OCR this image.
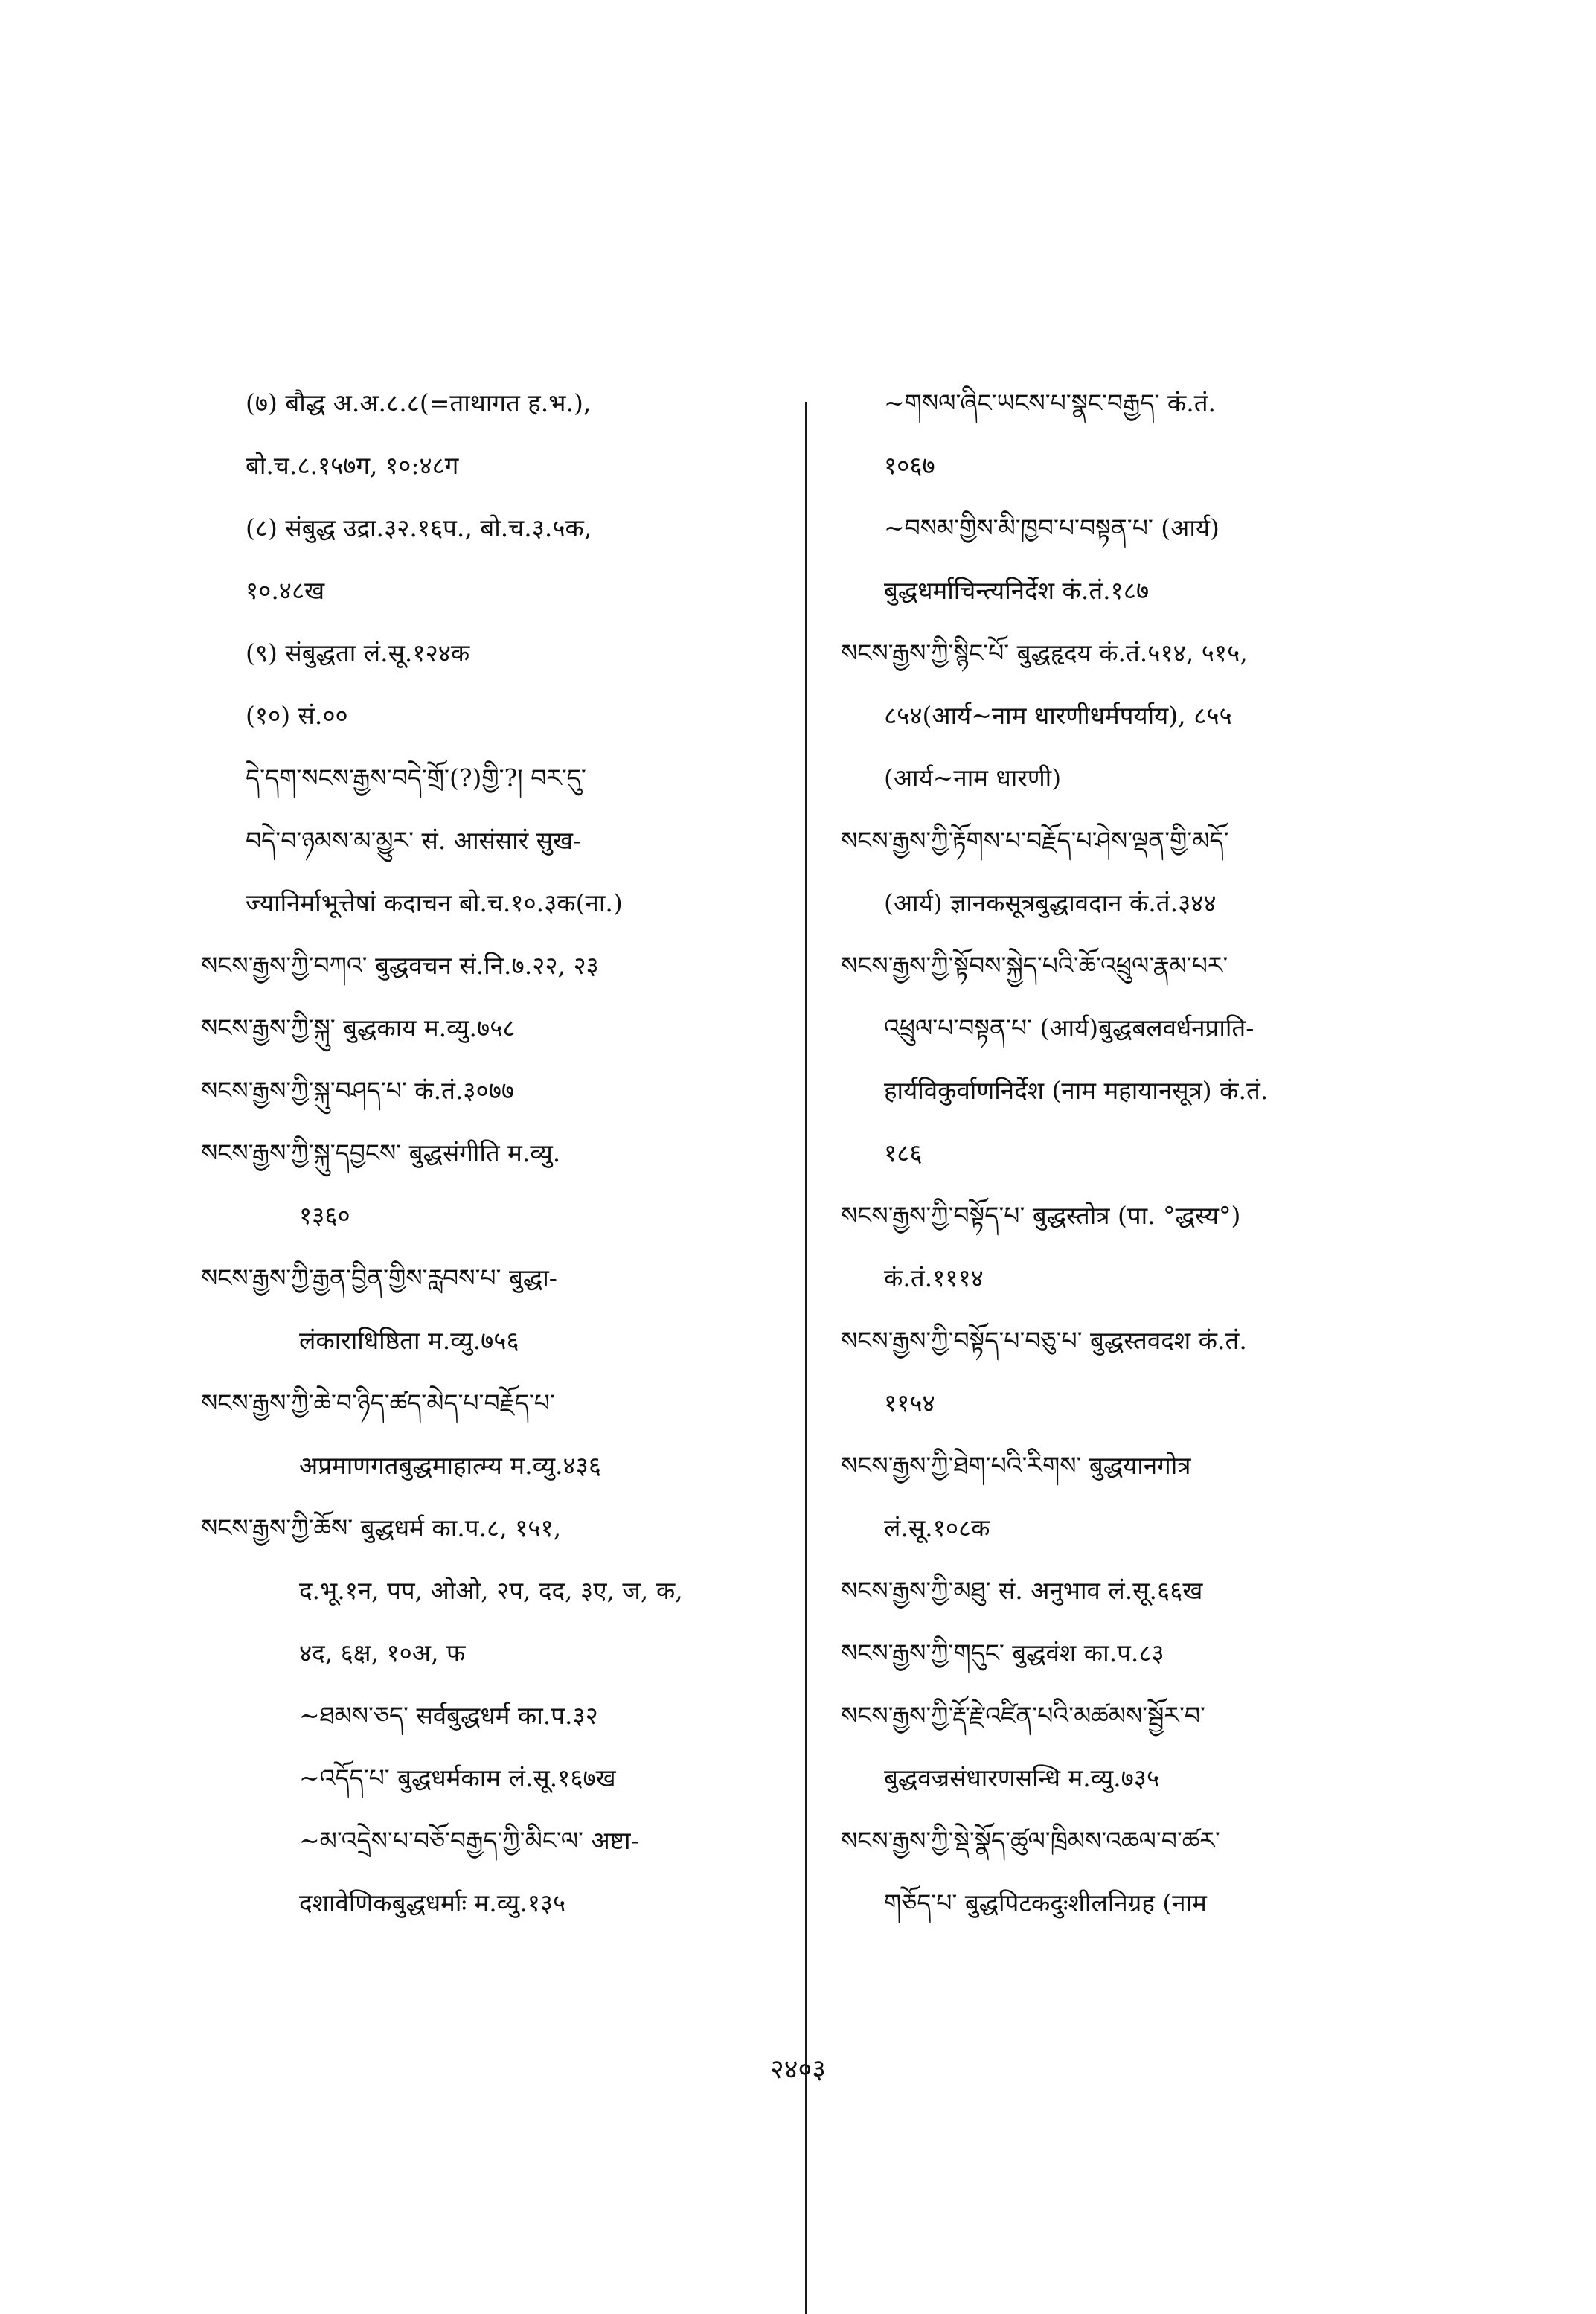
(७) बौद्ध अ.अ.८.८(=ताथागत ह.भ.),
बो.च.८.१५७ग, १०:४८ग
(८) संबुद्ध उद्रा.३२.१६प., बो.च.३.५क,
१०.४८ख
(९) संबुद्धता लं.सू.१२४क
(१०) सं.००
དེ་དག་སངས་རྒྱས་བདེ་གྲོ་(?)གྱི་?། བར་དུ་
བདེ་བ་ཉམས་མ་མྱུར་ सं. आसंसारं सुख-
ज्यानिर्माभूत्तेषां कदाचन बो.च.१०.३क(ना.)
སངས་རྒྱས་ཀྱི་བཀའ་ बुद्धवचन सं.नि.७.२२, २३
སངས་རྒྱས་ཀྱི་སྐུ་ बुद्धकाय म.व्यु.७५८
སངས་རྒྱས་ཀྱི་སྐུ་བཤད་པ་ कं.तं.३०७७
སངས་རྒྱས་ཀྱི་སྐུ་དབྱངས་ बुद्धसंगीति म.व्यु.
१३६०
སངས་རྒྱས་ཀྱི་རྒྱན་བྱིན་གྱིས་རླབས་པ་ बुद्धा-
लंकाराधिष्ठिता म.व्यु.७५६
སངས་རྒྱས་ཀྱི་ཆེ་བ་ཉིད་ཚད་མེད་པ་བརྗོད་པ་
अप्रमाणगतबुद्धमाहात्म्य म.व्यु.४३६
སངས་རྒྱས་ཀྱི་ཆོས་ बुद्धधर्म का.प.८, १५१,
द.भू.१न, पप, ओओ, २प, दद, ३ए, ज, क,
४द, ६क्ष, १०अ, फ
~ཐམས་ཅད་ सर्वबुद्धधर्म का.प.३२
~འདོད་པ་ बुद्धधर्मकाम लं.सू.१६७ख
~མ་འདྲེས་པ་བཅོ་བརྒྱད་ཀྱི་མིང་ལ་ अष्टा-
दशावेणिकबुद्धधर्माः म.व्यु.१३५
~གསལ་ཞིང་ཡངས་པ་སྣང་བརྒྱད་ कं.तं.
१०६७
~བསམ་གྱིས་མི་ཁྱབ་པ་བསྟན་པ་ (आर्य)
बुद्धधर्माचिन्त्यनिर्देश कं.तं.१८७
སངས་རྒྱས་ཀྱི་སྙིང་པོ་ बुद्धहृदय कं.तं.५१४, ५१५,
८५४(आर्य~नाम धारणीधर्मपर्याय), ८५५
(आर्य~नाम धारणी)
སངས་རྒྱས་ཀྱི་རྟོགས་པ་བརྗོད་པ་ཤེས་ལྡན་གྱི་མདོ་
(आर्य) ज्ञानकसूत्रबुद्धावदान कं.तं.३४४
སངས་རྒྱས་ཀྱི་སྟོབས་སྐྱེད་པའི་ཆོ་འཕྲུལ་རྣམ་པར་
འཕྲུལ་པ་བསྟན་པ་ (आर्य)बुद्धबलवर्धनप्राति-
हार्यविकुर्वाणनिर्देश (नाम महायानसूत्र) कं.तं.
१८६
སངས་རྒྱས་ཀྱི་བསྟོད་པ་ बुद्धस्तोत्र (पा. °द्धस्य°)
कं.तं.१११४
སངས་རྒྱས་ཀྱི་བསྟོད་པ་བཅུ་པ་ बुद्धस्तवदश कं.तं.
११५४
སངས་རྒྱས་ཀྱི་ཐེག་པའི་རིགས་ बुद्धयानगोत्र
लं.सू.१०८क
སངས་རྒྱས་ཀྱི་མཐུ་ सं. अनुभाव लं.सू.६६ख
སངས་རྒྱས་ཀྱི་གདུང་ बुद्धवंश का.प.८३
སངས་རྒྱས་ཀྱི་རྡོ་རྗེ་འཛིན་པའི་མཚམས་སྦྱོར་བ་
बुद्धवज्रसंधारणसन्धि म.व्यु.७३५
སངས་རྒྱས་ཀྱི་སྡེ་སྣོད་ཚུལ་ཁྲིམས་འཆལ་བ་ཚར་
གཅོད་པ་ बुद्धपिटकदुःशीलनिग्रह (नाम
२४०३
